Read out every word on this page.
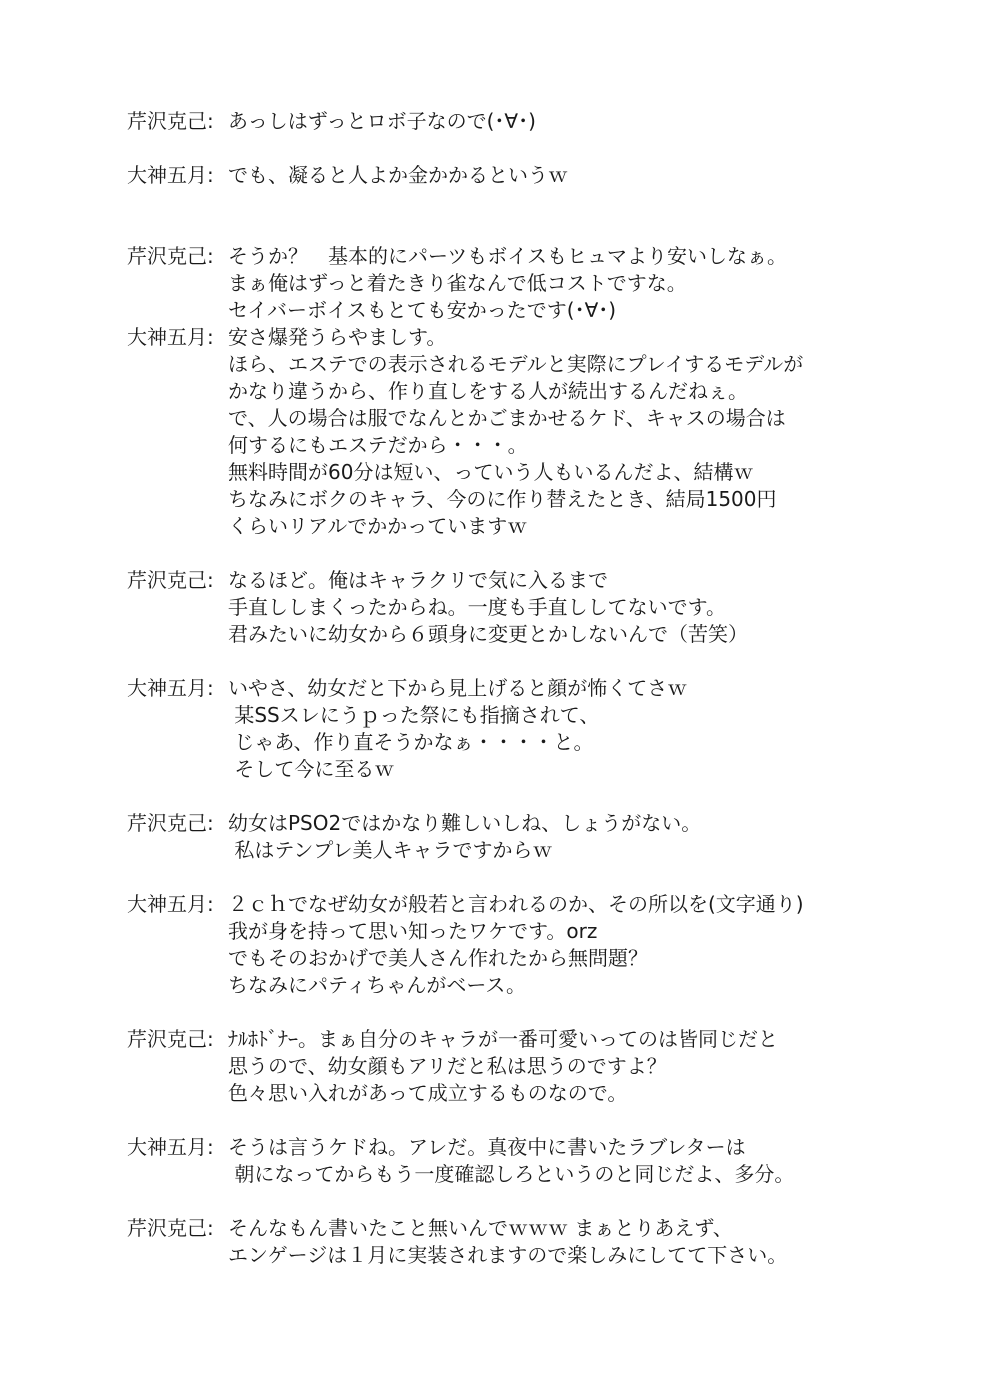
芹沢克己: あっしはずっとロボ子なので(･∀･)
大神五月: でも、凝ると人よか金かかるというｗ
芹沢克己: そうか？　基本的にパーツもボイスもヒュマより安いしなぁ。
まぁ俺はずっと着たきり雀なんで低コストですな。
セイバーボイスもとても安かったです(･∀･)
大神五月: 安さ爆発うらやましす。
ほら、エステでの表示されるモデルと実際にプレイするモデルが
かなり違うから、作り直しをする人が続出するんだねぇ。
で、人の場合は服でなんとかごまかせるケド、キャスの場合は
何するにもエステだから・・・。
無料時間が60分は短い、っていう人もいるんだよ、結構ｗ
ちなみにボクのキャラ、今のに作り替えたとき、結局1500円
くらいリアルでかかっていますｗ
芹沢克己: なるほど。俺はキャラクリで気に入るまで
手直ししまくったからね。一度も手直ししてないです。
君みたいに幼女から６頭身に変更とかしないんで（苦笑）
大神五月: いやさ、幼女だと下から見上げると顔が怖くてさｗ
某SSスレにうｐった祭にも指摘されて、
じゃあ、作り直そうかなぁ・・・・と。
そして今に至るｗ
芹沢克己: 幼女はPSO2ではかなり難しいしね、しょうがない。
私はテンプレ美人キャラですからｗ
大神五月: ２ｃｈでなぜ幼女が般若と言われるのか、その所以を(文字通り)
我が身を持って思い知ったワケです。orz
でもそのおかげで美人さん作れたから無問題？
ちなみにパティちゃんがベース。
芹沢克己: ﾅﾙﾎﾄﾞﾅｰ。まぁ自分のキャラが一番可愛いってのは皆同じだと
思うので、幼女顔もアリだと私は思うのですよ？
色々思い入れがあって成立するものなので。
大神五月: そうは言うケドね。アレだ。真夜中に書いたラブレターは
朝になってからもう一度確認しろというのと同じだよ、多分。
芹沢克己: そんなもん書いたこと無いんでｗｗｗ まぁとりあえず、
エンゲージは１月に実装されますので楽しみにしてて下さい。
